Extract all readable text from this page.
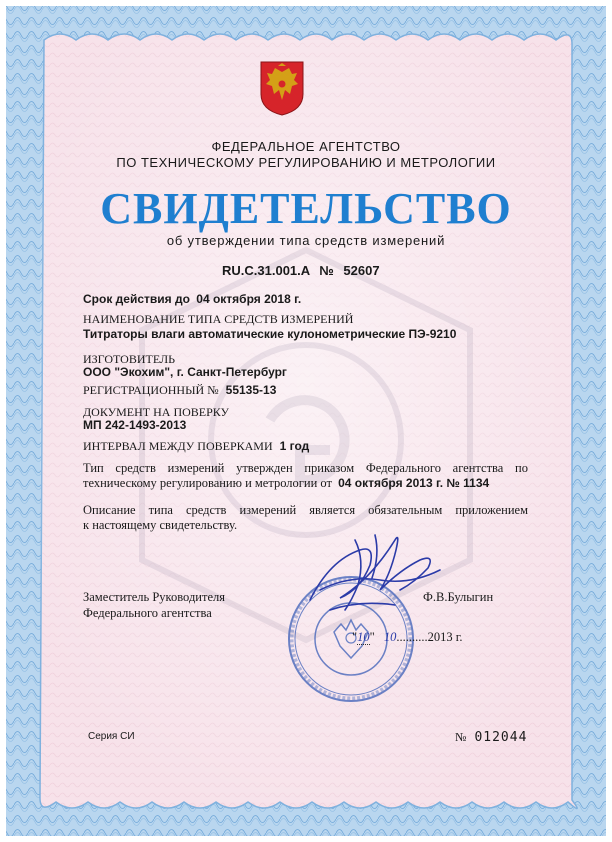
ФЕДЕРАЛЬНОЕ АГЕНТСТВО
ПО ТЕХНИЧЕСКОМУ РЕГУЛИРОВАНИЮ И МЕТРОЛОГИИ
СВИДЕТЕЛЬСТВО
об утверждении типа средств измерений
RU.C.31.001.A № 52607
Срок действия до 04 октября 2018 г.
НАИМЕНОВАНИЕ ТИПА СРЕДСТВ ИЗМЕРЕНИЙ
Титраторы влаги автоматические кулонометрические ПЭ-9210
ИЗГОТОВИТЕЛЬ
ООО "Экохим", г. Санкт-Петербург
РЕГИСТРАЦИОННЫЙ № 55135-13
ДОКУМЕНТ НА ПОВЕРКУ
МП 242-1493-2013
ИНТЕРВАЛ МЕЖДУ ПОВЕРКАМИ 1 год
Тип средств измерений утвержден приказом Федерального агентства по
техническому регулированию и метрологии от 04 октября 2013 г. № 1134
Описание типа средств измерений является обязательным приложением
к настоящему свидетельству.
Заместитель Руководителя
Федерального агентства
Ф.В.Булыгин
"10" 10..........2013 г.
Серия СИ	№ 012044
